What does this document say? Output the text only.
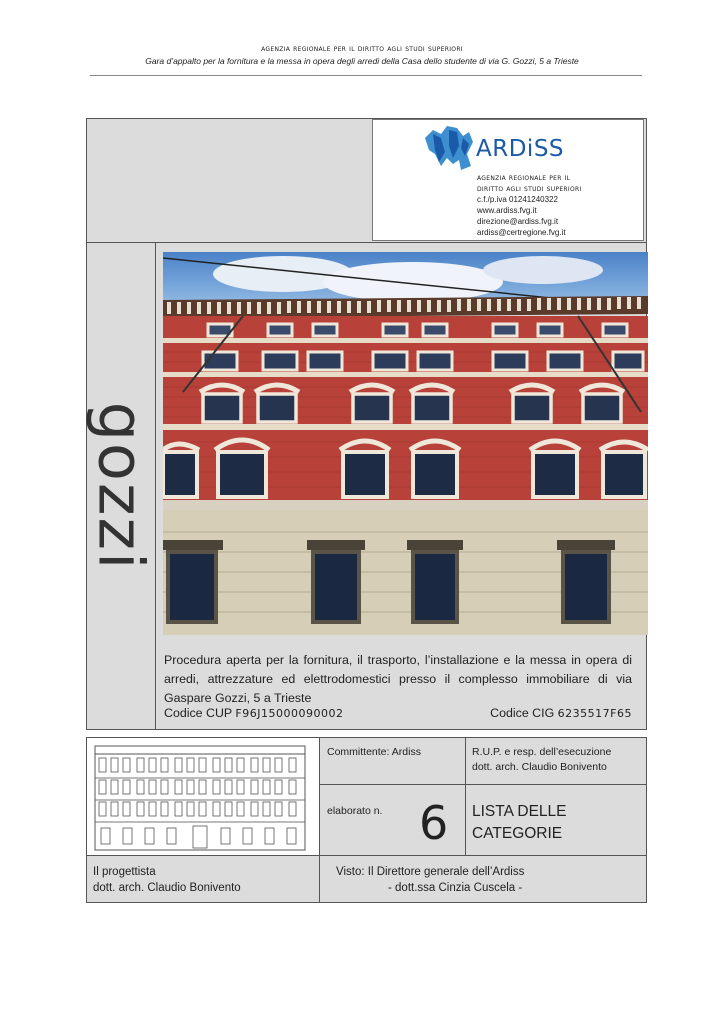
agenzia regionale per il diritto agli studi superiori
Gara d’appalto per la fornitura e la messa in opera degli arredi della Casa dello studente di via G. Gozzi, 5 a Trieste
gozzi
ARDiSS
agenzia regionale per il
diritto agli studi superiori
c.f./p.iva 01241240322
www.ardiss.fvg.it
direzione@ardiss.fvg.it
ardiss@certregione.fvg.it
Procedura aperta per la fornitura, il trasporto, l’installazione e la messa in opera di arredi, attrezzature ed elettrodomestici presso il complesso immobiliare di via Gaspare Gozzi, 5 a Trieste
Codice CUP F96J15000090002	Codice CIG 6235517F65
Committente: Ardiss	R.U.P. e resp. dell’esecuzione
dott. arch. Claudio Bonivento
elaborato n. 6 LISTA DELLE
CATEGORIE
Il progettista
dott. arch. Claudio Bonivento
Visto: Il Direttore generale dell’Ardiss
- dott.ssa Cinzia Cuscela -
